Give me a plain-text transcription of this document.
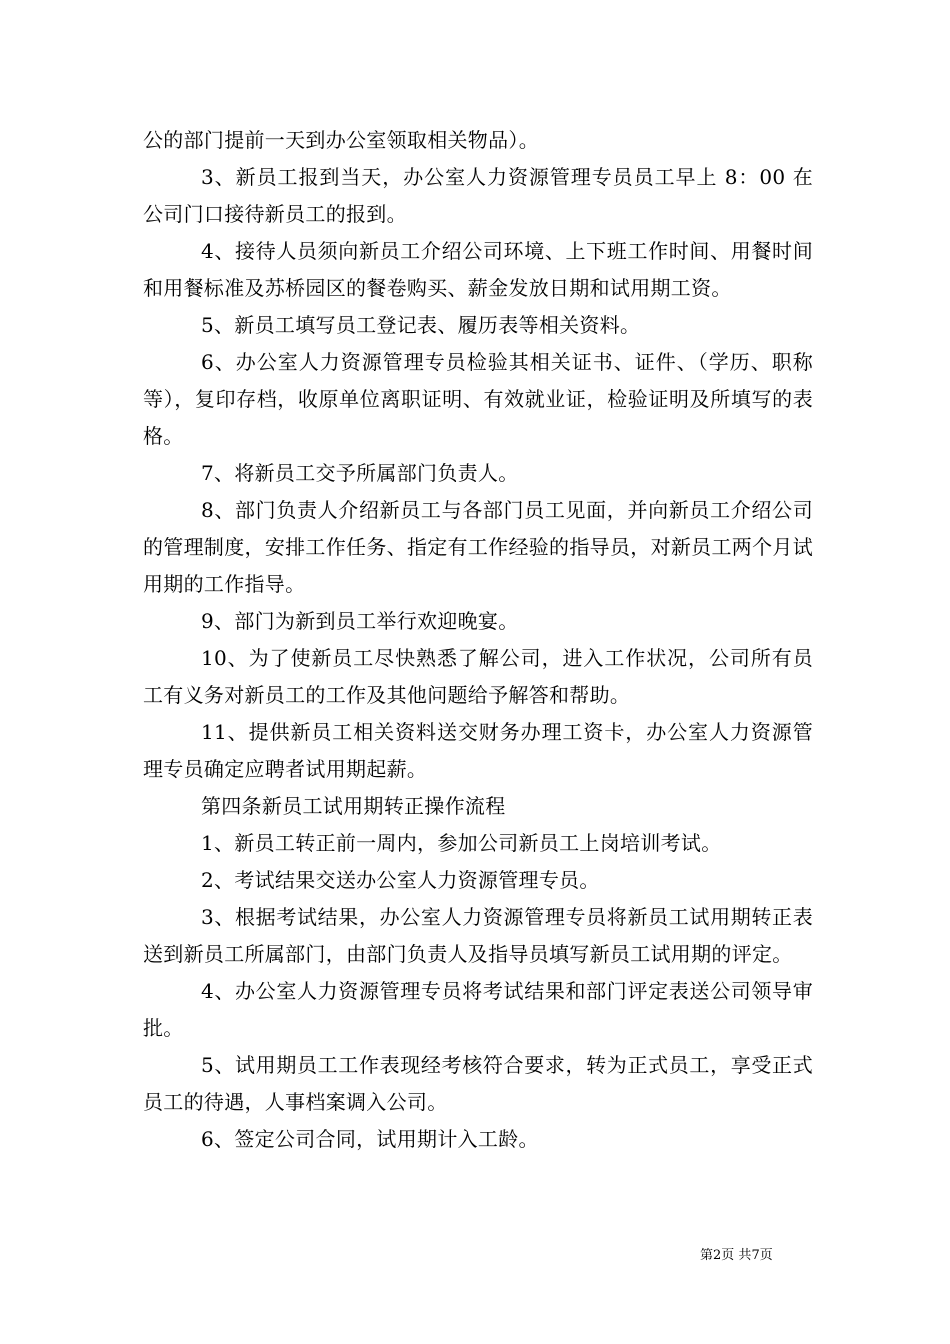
公的部门提前一天到办公室领取相关物品）。

3、新员工报到当天，办公室人力资源管理专员员工早上 8：00 在公司门口接待新员工的报到。

4、接待人员须向新员工介绍公司环境、上下班工作时间、用餐时间和用餐标准及苏桥园区的餐卷购买、薪金发放日期和试用期工资。

5、新员工填写员工登记表、履历表等相关资料。

6、办公室人力资源管理专员检验其相关证书、证件、（学历、职称等），复印存档，收原单位离职证明、有效就业证，检验证明及所填写的表格。

7、将新员工交予所属部门负责人。

8、部门负责人介绍新员工与各部门员工见面，并向新员工介绍公司的管理制度，安排工作任务、指定有工作经验的指导员，对新员工两个月试用期的工作指导。

9、部门为新到员工举行欢迎晚宴。

10、为了使新员工尽快熟悉了解公司，进入工作状况，公司所有员工有义务对新员工的工作及其他问题给予解答和帮助。

11、提供新员工相关资料送交财务办理工资卡，办公室人力资源管理专员确定应聘者试用期起薪。

第四条新员工试用期转正操作流程

1、新员工转正前一周内，参加公司新员工上岗培训考试。

2、考试结果交送办公室人力资源管理专员。

3、根据考试结果，办公室人力资源管理专员将新员工试用期转正表送到新员工所属部门，由部门负责人及指导员填写新员工试用期的评定。

4、办公室人力资源管理专员将考试结果和部门评定表送公司领导审批。

5、试用期员工工作表现经考核符合要求，转为正式员工，享受正式员工的待遇，人事档案调入公司。

6、签定公司合同，试用期计入工龄。

第2页 共7页
